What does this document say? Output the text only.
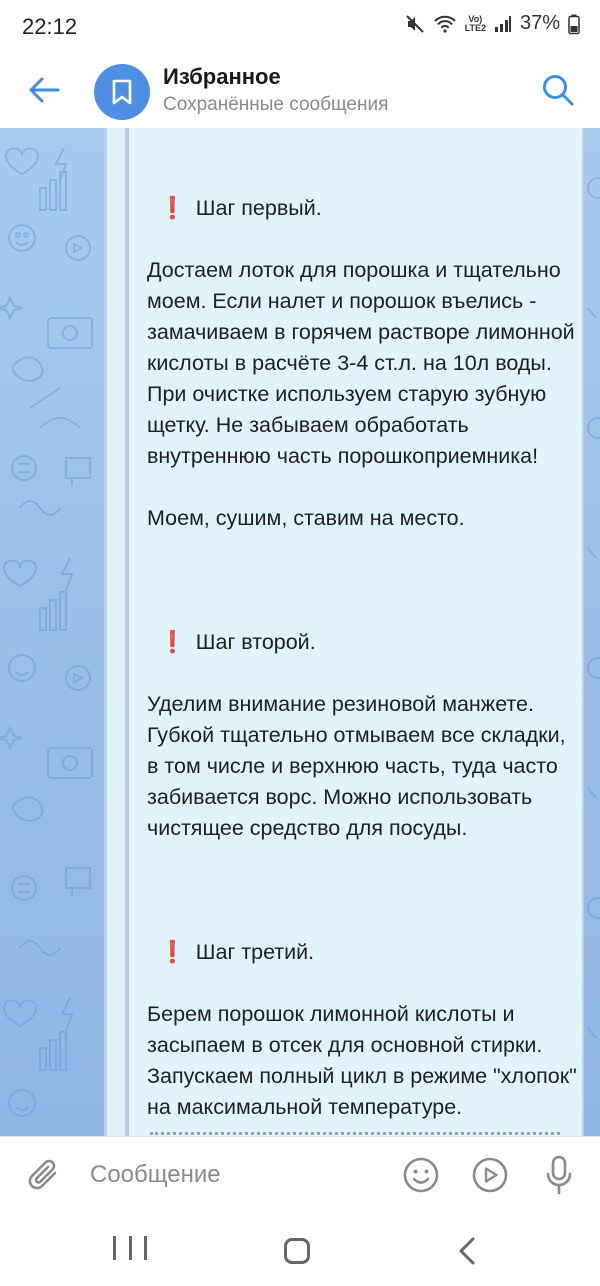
22:12	Vo)
LTE2 37%
Избранное
Сохранённые сообщения

❗ Шаг первый.

Достаем лоток для порошка и тщательно моем. Если налет и порошок въелись - замачиваем в горячем растворе лимонной кислоты в расчёте 3-4 ст.л. на 10л воды. При очистке используем старую зубную щетку. Не забываем обработать внутреннюю часть порошкоприемника!

Моем, сушим, ставим на место.

❗ Шаг второй.

Уделим внимание резиновой манжете. Губкой тщательно отмываем все складки, в том числе и верхнюю часть, туда часто забивается ворс. Можно использовать чистящее средство для посуды.

❗ Шаг третий.

Берем порошок лимонной кислоты и засыпаем в отсек для основной стирки. Запускаем полный цикл в режиме "хлопок" на максимальной температуре.

Сообщение
